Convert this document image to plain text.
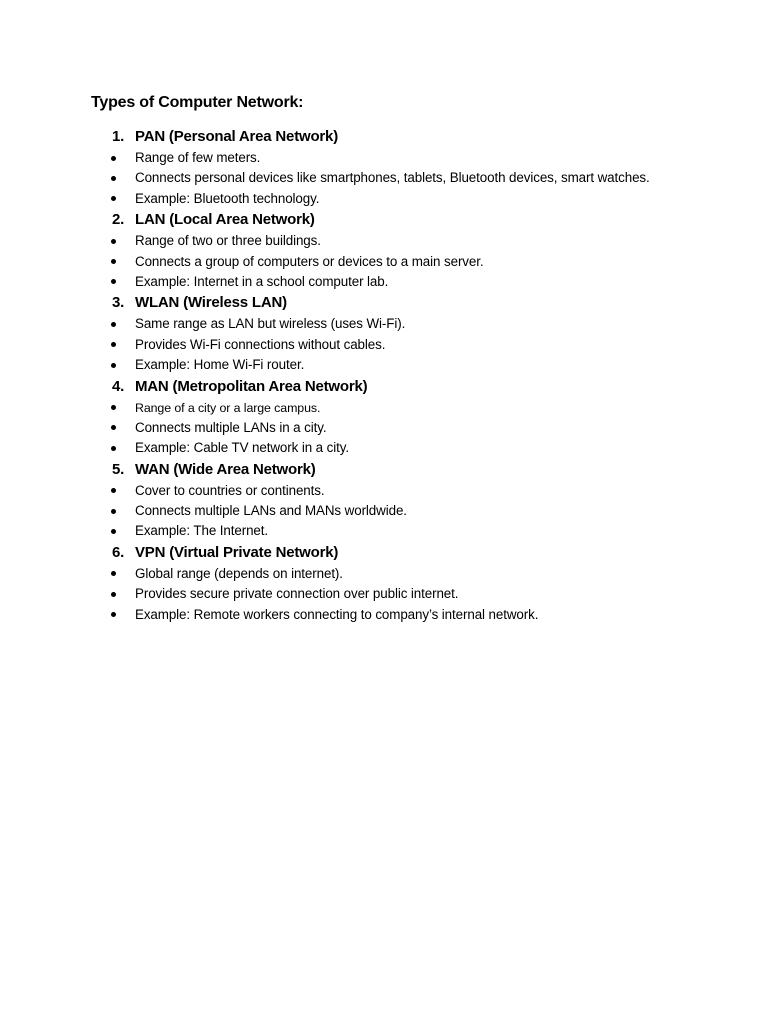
Types of Computer Network:
1. PAN (Personal Area Network)
Range of few meters.
Connects personal devices like smartphones, tablets, Bluetooth devices, smart watches.
Example: Bluetooth technology.
2. LAN (Local Area Network)
Range of two or three buildings.
Connects a group of computers or devices to a main server.
Example: Internet in a school computer lab.
3. WLAN (Wireless LAN)
Same range as LAN but wireless (uses Wi-Fi).
Provides Wi-Fi connections without cables.
Example: Home Wi-Fi router.
4. MAN (Metropolitan Area Network)
Range of a city or a large campus.
Connects multiple LANs in a city.
Example: Cable TV network in a city.
5. WAN (Wide Area Network)
Cover to countries or continents.
Connects multiple LANs and MANs worldwide.
Example: The Internet.
6. VPN (Virtual Private Network)
Global range (depends on internet).
Provides secure private connection over public internet.
Example: Remote workers connecting to company’s internal network.
